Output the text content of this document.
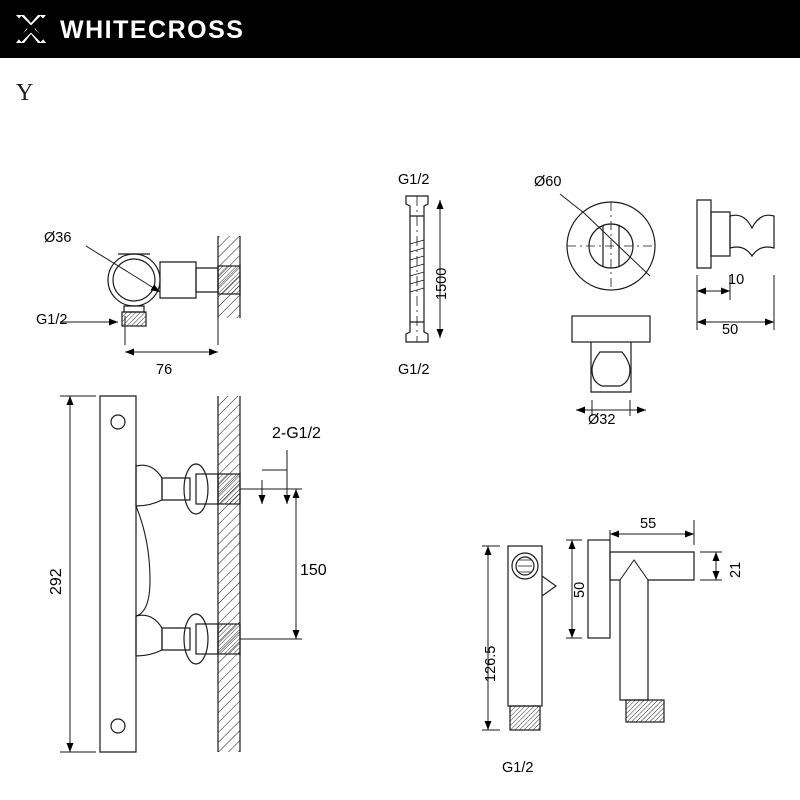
WHITECROSS
Y
Ø36
G1/2
76
G1/2
G1/2
1500
Ø60
10
50
Ø32
292	150
2-G1/2
55
21
50
126.5
G1/2
